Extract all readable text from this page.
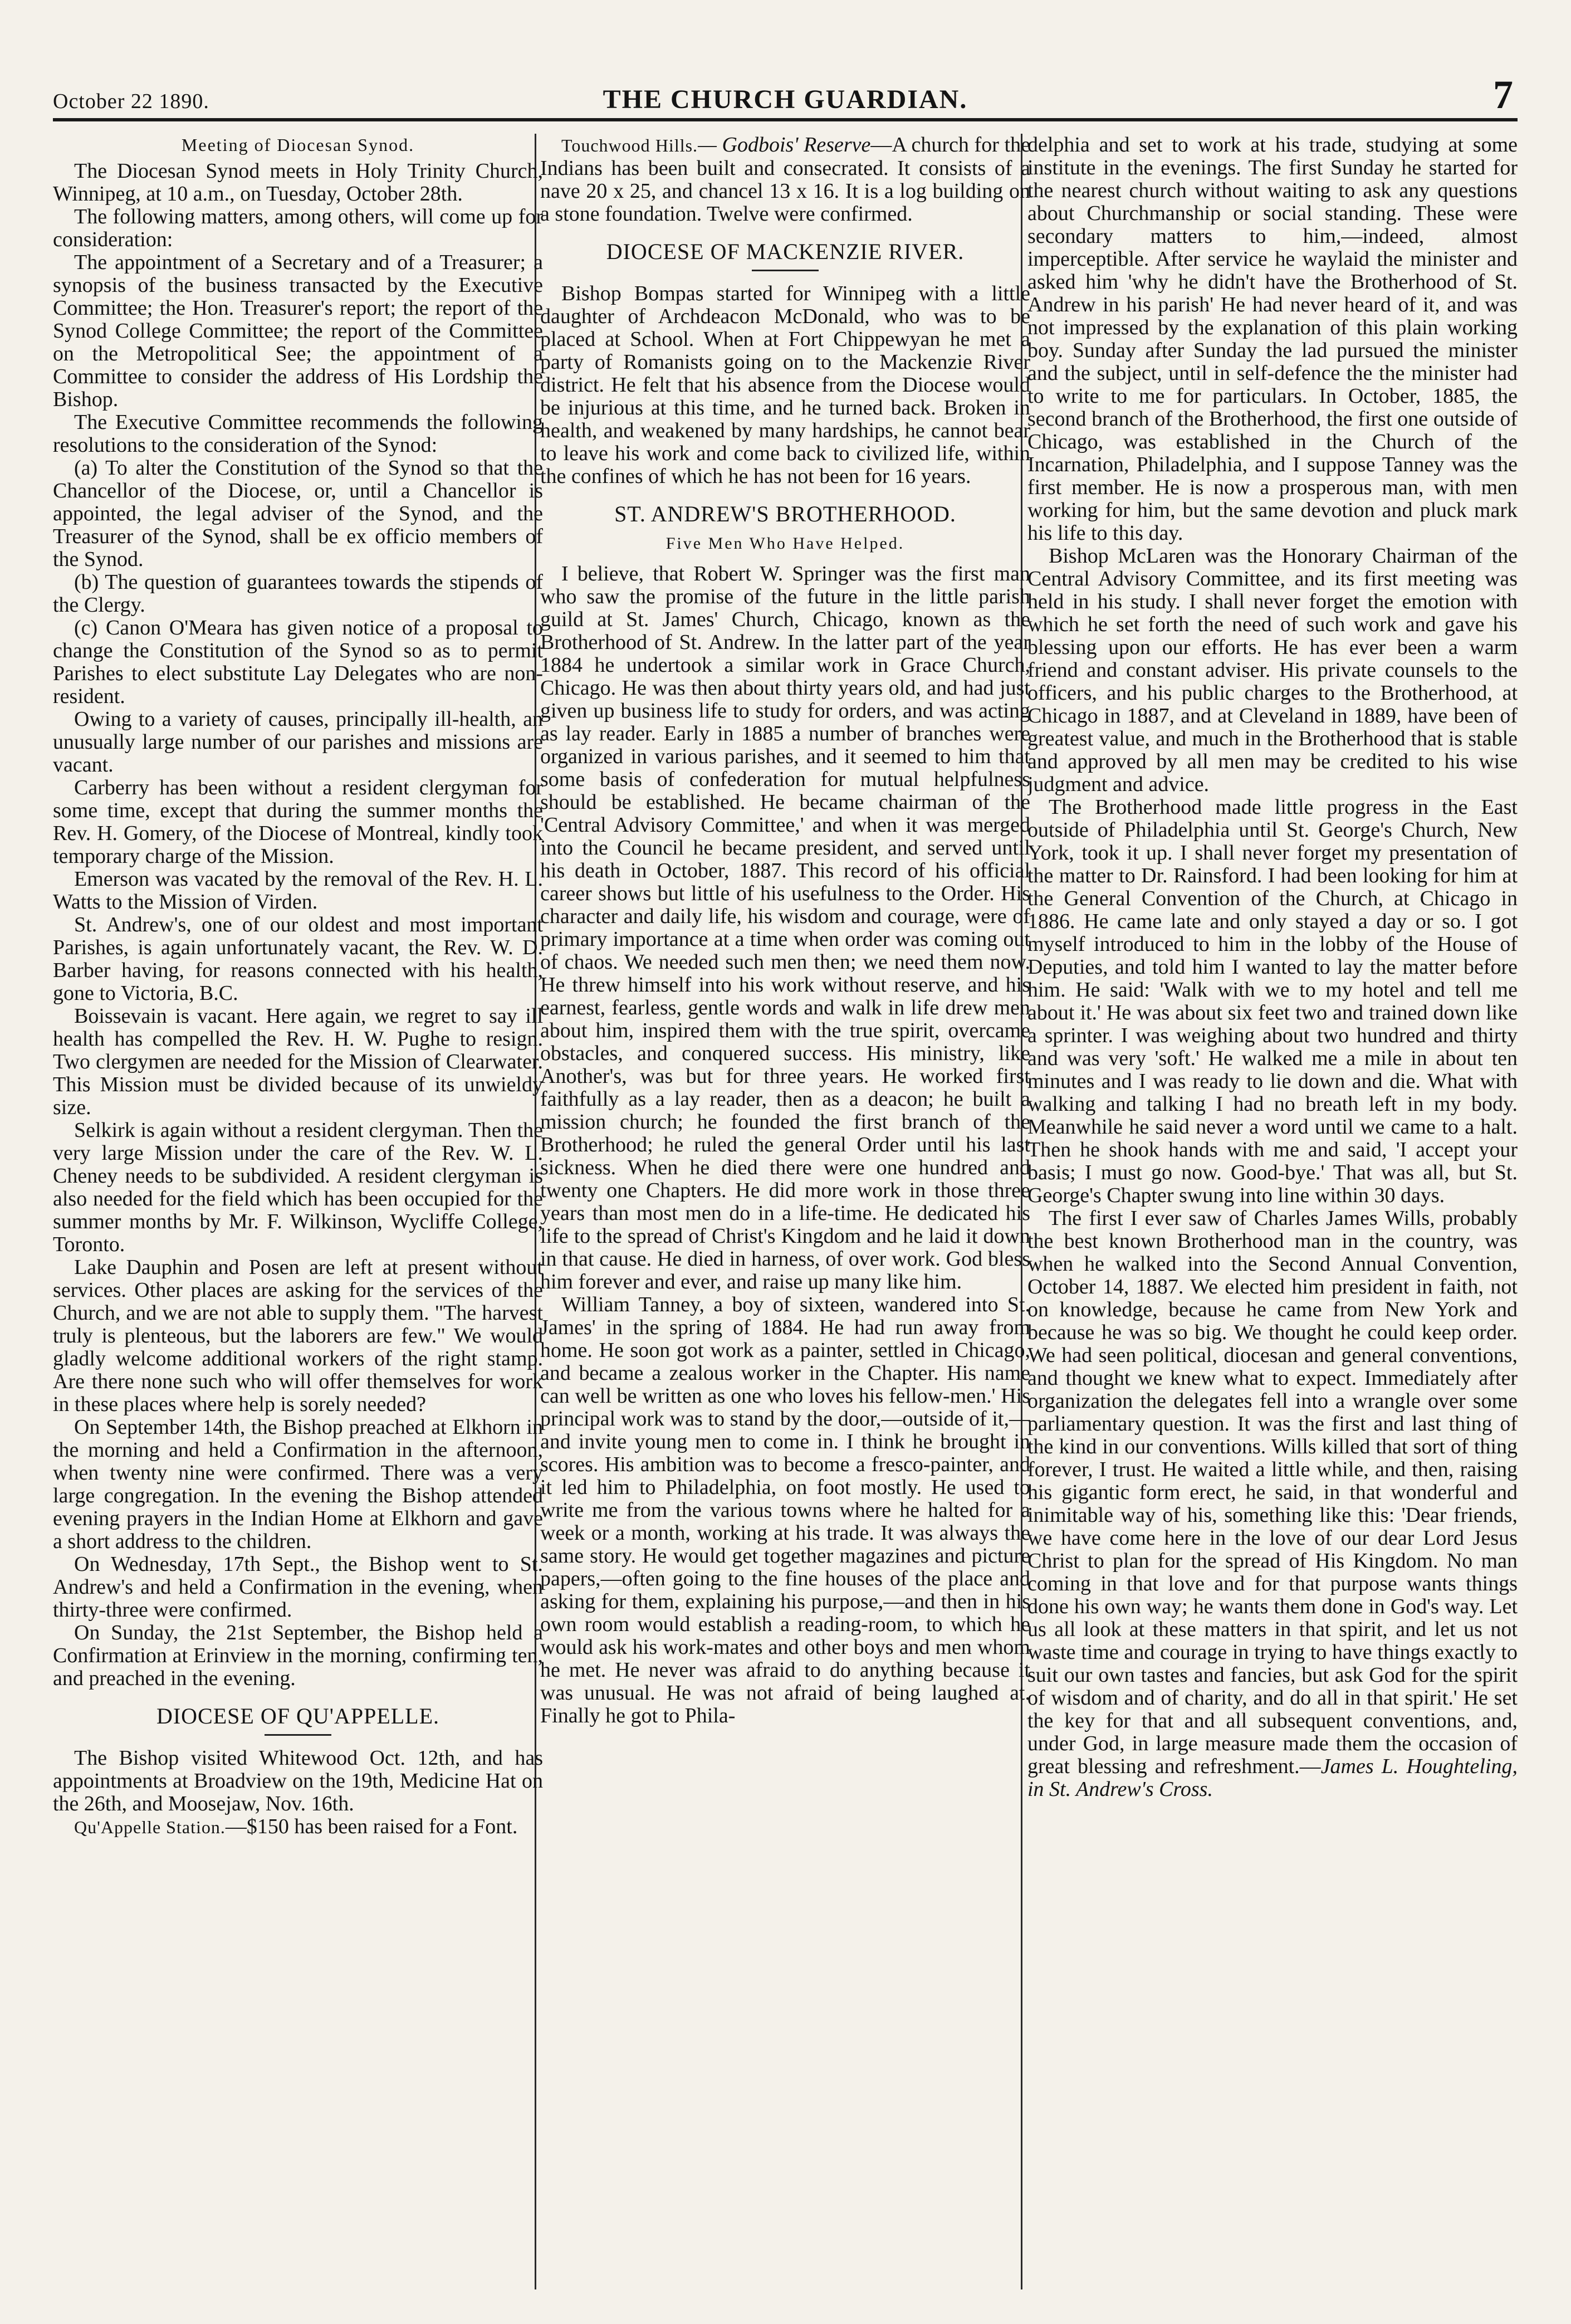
October 22 1890.	THE CHURCH GUARDIAN.	7
Meeting of Diocesan Synod.

The Diocesan Synod meets in Holy Trinity Church, Winnipeg, at 10 a.m., on Tuesday, October 28th.

The following matters, among others, will come up for consideration:

The appointment of a Secretary and of a Treasurer; a synopsis of the business transacted by the Executive Committee; the Hon. Treasurer's report; the report of the Synod College Committee; the report of the Committee on the Metropolitical See; the appointment of a Committee to consider the address of His Lordship the Bishop.

The Executive Committee recommends the following resolutions to the consideration of the Synod:

(a) To alter the Constitution of the Synod so that the Chancellor of the Diocese, or, until a Chancellor is appointed, the legal adviser of the Synod, and the Treasurer of the Synod, shall be ex officio members of the Synod.

(b) The question of guarantees towards the stipends of the Clergy.

(c) Canon O'Meara has given notice of a proposal to change the Constitution of the Synod so as to permit Parishes to elect substitute Lay Delegates who are non-resident.

Owing to a variety of causes, principally ill-health, an unusually large number of our parishes and missions are vacant.

Carberry has been without a resident clergyman for some time, except that during the summer months the Rev. H. Gomery, of the Diocese of Montreal, kindly took temporary charge of the Mission.

Emerson was vacated by the removal of the Rev. H. L. Watts to the Mission of Virden.

St. Andrew's, one of our oldest and most important Parishes, is again unfortunately vacant, the Rev. W. D. Barber having, for reasons connected with his health, gone to Victoria, B.C.

Boissevain is vacant. Here again, we regret to say ill health has compelled the Rev. H. W. Pughe to resign. Two clergymen are needed for the Mission of Clearwater. This Mission must be divided because of its unwieldy size.

Selkirk is again without a resident clergyman. Then the very large Mission under the care of the Rev. W. L. Cheney needs to be subdivided. A resident clergyman is also needed for the field which has been occupied for the summer months by Mr. F. Wilkinson, Wycliffe College, Toronto.

Lake Dauphin and Posen are left at present without services. Other places are asking for the services of the Church, and we are not able to supply them. "The harvest truly is plenteous, but the laborers are few." We would gladly welcome additional workers of the right stamp. Are there none such who will offer themselves for work in these places where help is sorely needed?

On September 14th, the Bishop preached at Elkhorn in the morning and held a Confirmation in the afternoon, when twenty nine were confirmed. There was a very large congregation. In the evening the Bishop attended evening prayers in the Indian Home at Elkhorn and gave a short address to the children.

On Wednesday, 17th Sept., the Bishop went to St. Andrew's and held a Confirmation in the evening, when thirty-three were confirmed.

On Sunday, the 21st September, the Bishop held a Confirmation at Erinview in the morning, confirming ten, and preached in the evening.

DIOCESE OF QU'APPELLE.

The Bishop visited Whitewood Oct. 12th, and has appointments at Broadview on the 19th, Medicine Hat on the 26th, and Moosejaw, Nov. 16th.

Qu'Appelle Station.—$150 has been raised for a Font.

Touchwood Hills.— Godbois' Reserve—A church for the Indians has been built and consecrated. It consists of a nave 20 x 25, and chancel 13 x 16. It is a log building on a stone foundation. Twelve were confirmed.

DIOCESE OF MACKENZIE RIVER.

Bishop Bompas started for Winnipeg with a little daughter of Archdeacon McDonald, who was to be placed at School. When at Fort Chippewyan he met a party of Romanists going on to the Mackenzie River district. He felt that his absence from the Diocese would be injurious at this time, and he turned back. Broken in health, and weakened by many hardships, he cannot bear to leave his work and come back to civilized life, within the confines of which he has not been for 16 years.

ST. ANDREW'S BROTHERHOOD.
Five Men Who Have Helped.

I believe, that Robert W. Springer was the first man who saw the promise of the future in the little parish guild at St. James' Church, Chicago, known as the Brotherhood of St. Andrew. In the latter part of the year 1884 he undertook a similar work in Grace Church, Chicago. He was then about thirty years old, and had just given up business life to study for orders, and was acting as lay reader. Early in 1885 a number of branches were organized in various parishes, and it seemed to him that some basis of confederation for mutual helpfulness should be established. He became chairman of the 'Central Advisory Committee,' and when it was merged into the Council he became president, and served until his death in October, 1887. This record of his official career shows but little of his usefulness to the Order. His character and daily life, his wisdom and courage, were of primary importance at a time when order was coming out of chaos. We needed such men then; we need them now. He threw himself into his work without reserve, and his earnest, fearless, gentle words and walk in life drew men about him, inspired them with the true spirit, overcame obstacles, and conquered success. His ministry, like Another's, was but for three years. He worked first faithfully as a lay reader, then as a deacon; he built a mission church; he founded the first branch of the Brotherhood; he ruled the general Order until his last sickness. When he died there were one hundred and twenty one Chapters. He did more work in those three years than most men do in a life-time. He dedicated his life to the spread of Christ's Kingdom and he laid it down in that cause. He died in harness, of over work. God bless him forever and ever, and raise up many like him.

William Tanney, a boy of sixteen, wandered into St. James' in the spring of 1884. He had run away from home. He soon got work as a painter, settled in Chicago, and became a zealous worker in the Chapter. His name can well be written as one who loves his fellow-men.' His principal work was to stand by the door,—outside of it,—and invite young men to come in. I think he brought in scores. His ambition was to become a fresco-painter, and it led him to Philadelphia, on foot mostly. He used to write me from the various towns where he halted for a week or a month, working at his trade. It was always the same story. He would get together magazines and picture papers,—often going to the fine houses of the place and asking for them, explaining his purpose,—and then in his own room would establish a reading-room, to which he would ask his work-mates and other boys and men whom he met. He never was afraid to do anything because it was unusual. He was not afraid of being laughed at. Finally he got to Phila-

delphia and set to work at his trade, studying at some institute in the evenings. The first Sunday he started for the nearest church without waiting to ask any questions about Churchmanship or social standing. These were secondary matters to him,—indeed, almost imperceptible. After service he waylaid the minister and asked him 'why he didn't have the Brotherhood of St. Andrew in his parish' He had never heard of it, and was not impressed by the explanation of this plain working boy. Sunday after Sunday the lad pursued the minister and the subject, until in self-defence the the minister had to write to me for particulars. In October, 1885, the second branch of the Brotherhood, the first one outside of Chicago, was established in the Church of the Incarnation, Philadelphia, and I suppose Tanney was the first member. He is now a prosperous man, with men working for him, but the same devotion and pluck mark his life to this day.

Bishop McLaren was the Honorary Chairman of the Central Advisory Committee, and its first meeting was held in his study. I shall never forget the emotion with which he set forth the need of such work and gave his blessing upon our efforts. He has ever been a warm friend and constant adviser. His private counsels to the officers, and his public charges to the Brotherhood, at Chicago in 1887, and at Cleveland in 1889, have been of greatest value, and much in the Brotherhood that is stable and approved by all men may be credited to his wise judgment and advice.

The Brotherhood made little progress in the East outside of Philadelphia until St. George's Church, New York, took it up. I shall never forget my presentation of the matter to Dr. Rainsford. I had been looking for him at the General Convention of the Church, at Chicago in 1886. He came late and only stayed a day or so. I got myself introduced to him in the lobby of the House of Deputies, and told him I wanted to lay the matter before him. He said: 'Walk with we to my hotel and tell me about it.' He was about six feet two and trained down like a sprinter. I was weighing about two hundred and thirty and was very 'soft.' He walked me a mile in about ten minutes and I was ready to lie down and die. What with walking and talking I had no breath left in my body. Meanwhile he said never a word until we came to a halt. Then he shook hands with me and said, 'I accept your basis; I must go now. Good-bye.' That was all, but St. George's Chapter swung into line within 30 days.

The first I ever saw of Charles James Wills, probably the best known Brotherhood man in the country, was when he walked into the Second Annual Convention, October 14, 1887. We elected him president in faith, not on knowledge, because he came from New York and because he was so big. We thought he could keep order. We had seen political, diocesan and general conventions, and thought we knew what to expect. Immediately after organization the delegates fell into a wrangle over some parliamentary question. It was the first and last thing of the kind in our conventions. Wills killed that sort of thing forever, I trust. He waited a little while, and then, raising his gigantic form erect, he said, in that wonderful and inimitable way of his, something like this: 'Dear friends, we have come here in the love of our dear Lord Jesus Christ to plan for the spread of His Kingdom. No man coming in that love and for that purpose wants things done his own way; he wants them done in God's way. Let us all look at these matters in that spirit, and let us not waste time and courage in trying to have things exactly to suit our own tastes and fancies, but ask God for the spirit of wisdom and of charity, and do all in that spirit.' He set the key for that and all subsequent conventions, and, under God, in large measure made them the occasion of great blessing and refreshment.—James L. Houghteling, in St. Andrew's Cross.
